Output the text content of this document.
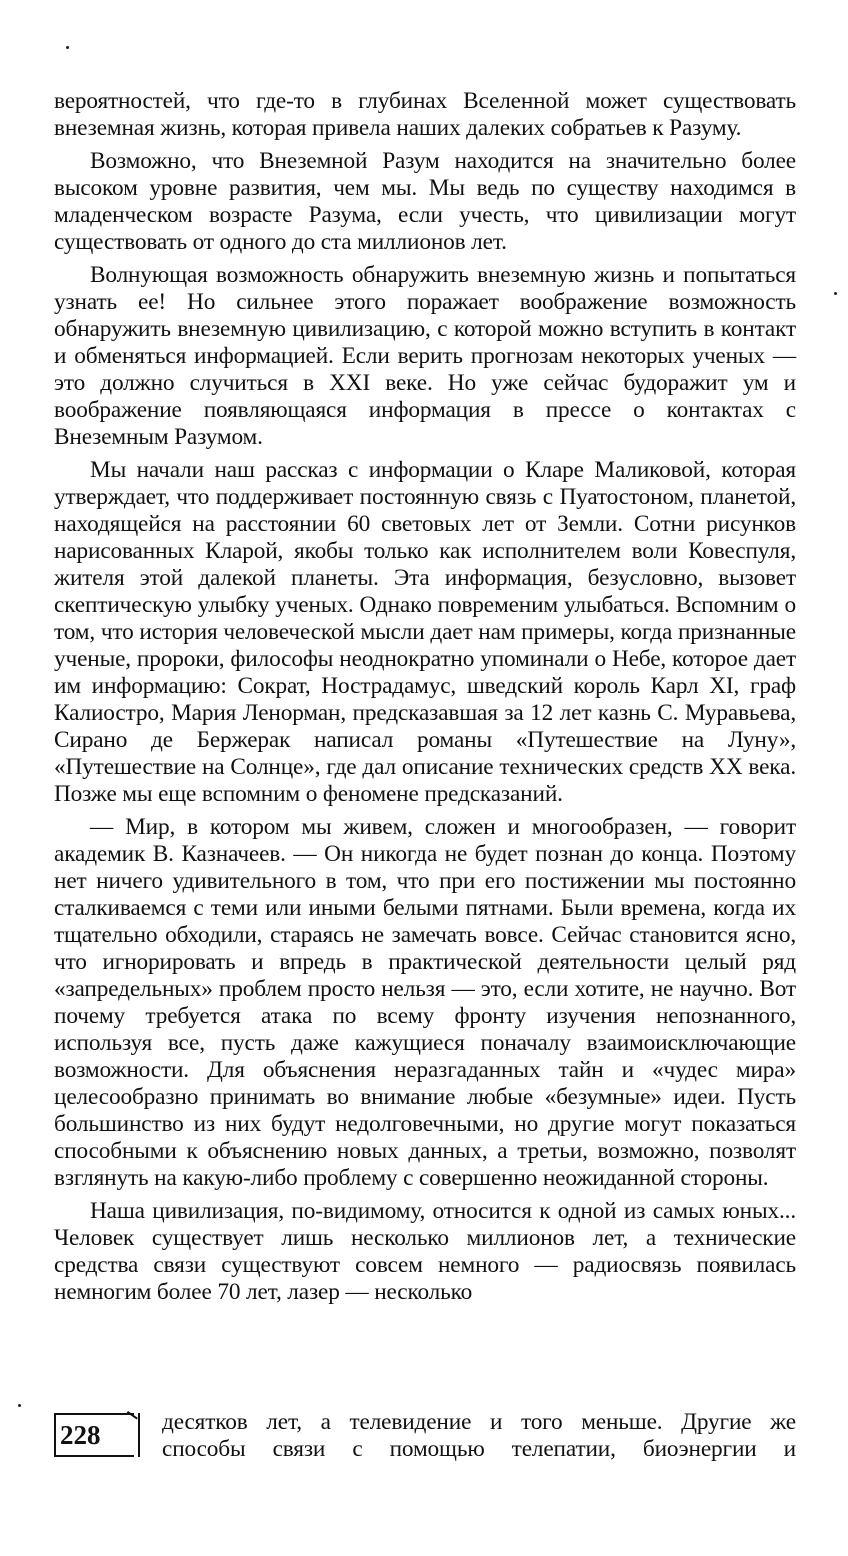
вероятностей, что где-то в глубинах Вселенной может существовать внеземная жизнь, которая привела наших далеких собратьев к Разуму.

Возможно, что Внеземной Разум находится на значительно более высоком уровне развития, чем мы. Мы ведь по существу находимся в младенческом возрасте Разума, если учесть, что цивилизации могут существовать от одного до ста миллионов лет.

Волнующая возможность обнаружить внеземную жизнь и попытаться узнать ее! Но сильнее этого поражает воображение возможность обнаружить внеземную цивилизацию, с которой можно вступить в контакт и обменяться информацией. Если верить прогнозам некоторых ученых — это должно случиться в XXI веке. Но уже сейчас будоражит ум и воображение появляющаяся информация в прессе о контактах с Внеземным Разумом.

Мы начали наш рассказ с информации о Кларе Маликовой, которая утверждает, что поддерживает постоянную связь с Пуатостоном, планетой, находящейся на расстоянии 60 световых лет от Земли. Сотни рисунков нарисованных Кларой, якобы только как исполнителем воли Ковеспуля, жителя этой далекой планеты. Эта информация, безусловно, вызовет скептическую улыбку ученых. Однако повременим улыбаться. Вспомним о том, что история человеческой мысли дает нам примеры, когда признанные ученые, пророки, философы неоднократно упоминали о Небе, которое дает им информацию: Сократ, Нострадамус, шведский король Карл XI, граф Калиостро, Мария Ленорман, предсказавшая за 12 лет казнь С. Муравьева, Сирано де Бержерак написал романы «Путешествие на Луну», «Путешествие на Солнце», где дал описание технических средств XX века. Позже мы еще вспомним о феномене предсказаний.

— Мир, в котором мы живем, сложен и многообразен, — говорит академик В. Казначеев. — Он никогда не будет познан до конца. Поэтому нет ничего удивительного в том, что при его постижении мы постоянно сталкиваемся с теми или иными белыми пятнами. Были времена, когда их тщательно обходили, стараясь не замечать вовсе. Сейчас становится ясно, что игнорировать и впредь в практической деятельности целый ряд «запредельных» проблем просто нельзя — это, если хотите, не научно. Вот почему требуется атака по всему фронту изучения непознанного, используя все, пусть даже кажущиеся поначалу взаимоисключающие возможности. Для объяснения неразгаданных тайн и «чудес мира» целесообразно принимать во внимание любые «безумные» идеи. Пусть большинство из них будут недолговечными, но другие могут показаться способными к объяснению новых данных, а третьи, возможно, позволят взглянуть на какую-либо проблему с совершенно неожиданной стороны.

Наша цивилизация, по-видимому, относится к одной из самых юных... Человек существует лишь несколько миллионов лет, а технические средства связи существуют совсем немного — радиосвязь появилась немногим более 70 лет, лазер — несколько

228	десятков лет, а телевидение и того меньше. Другие же

способы связи с помощью телепатии, биоэнергии и
